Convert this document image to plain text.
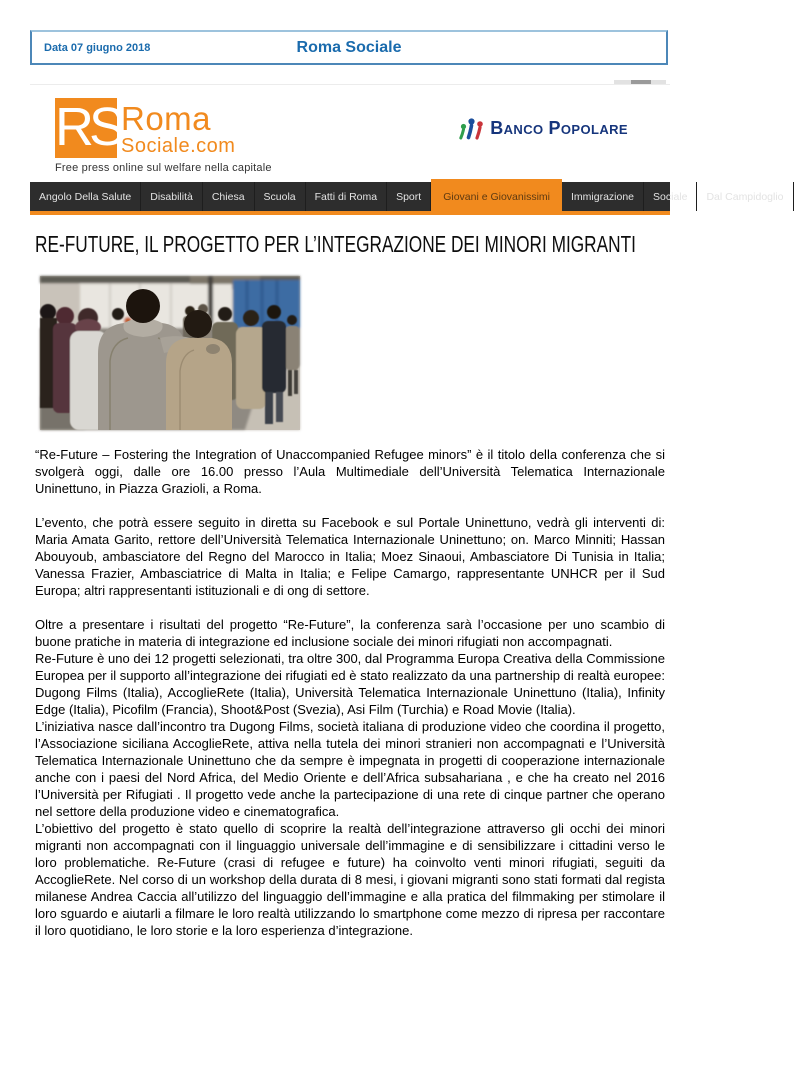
Data 07 giugno 2018	Roma Sociale
RS Roma
Sociale.com
Free press online sul welfare nella capitale
Banco Popolare
Angolo Della Salute	Disabilità	Chiesa	Scuola	Fatti di Roma	Sport	Giovani e Giovanissimi	Immigrazione	Sociale	Dal Campidoglio
RE-FUTURE, IL PROGETTO PER L’INTEGRAZIONE DEI MINORI MIGRANTI

“Re-Future – Fostering the Integration of Unaccompanied Refugee minors” è il titolo della conferenza che si svolgerà oggi, dalle ore 16.00 presso l’Aula Multimediale dell’Università Telematica Internazionale Uninettuno, in Piazza Grazioli, a Roma.

L’evento, che potrà essere seguito in diretta su Facebook e sul Portale Uninettuno, vedrà gli interventi di: Maria Amata Garito, rettore dell’Università Telematica Internazionale Uninettuno; on. Marco Minniti; Hassan Abouyoub, ambasciatore del Regno del Marocco in Italia; Moez Sinaoui, Ambasciatore Di Tunisia in Italia; Vanessa Frazier, Ambasciatrice di Malta in Italia; e Felipe Camargo, rappresentante UNHCR per il Sud Europa; altri rappresentanti istituzionali e di ong di settore.

Oltre a presentare i risultati del progetto “Re-Future”, la conferenza sarà l’occasione per uno scambio di buone pratiche in materia di integrazione ed inclusione sociale dei minori rifugiati non accompagnati.

Re-Future è uno dei 12 progetti selezionati, tra oltre 300, dal Programma Europa Creativa della Commissione Europea per il supporto all’integrazione dei rifugiati ed è stato realizzato da una partnership di realtà europee: Dugong Films (Italia), AccoglieRete (Italia), Università Telematica Internazionale Uninettuno (Italia), Infinity Edge (Italia), Picofilm (Francia), Shoot&Post (Svezia), Asi Film (Turchia) e Road Movie (Italia).

L’iniziativa nasce dall’incontro tra Dugong Films, società italiana di produzione video che coordina il progetto, l’Associazione siciliana AccoglieRete, attiva nella tutela dei minori stranieri non accompagnati e l’Università Telematica Internazionale Uninettuno che da sempre è impegnata in progetti di cooperazione internazionale anche con i paesi del Nord Africa, del Medio Oriente e dell’Africa subsahariana , e che ha creato nel 2016 l’Università per Rifugiati . Il progetto vede anche la partecipazione di una rete di cinque partner che operano nel settore della produzione video e cinematografica.

L’obiettivo del progetto è stato quello di scoprire la realtà dell’integrazione attraverso gli occhi dei minori migranti non accompagnati con il linguaggio universale dell’immagine e di sensibilizzare i cittadini verso le loro problematiche. Re-Future (crasi di refugee e future) ha coinvolto venti minori rifugiati, seguiti da AccoglieRete. Nel corso di un workshop della durata di 8 mesi, i giovani migranti sono stati formati dal regista milanese Andrea Caccia all’utilizzo del linguaggio dell’immagine e alla pratica del filmmaking per stimolare il loro sguardo e aiutarli a filmare le loro realtà utilizzando lo smartphone come mezzo di ripresa per raccontare il loro quotidiano, le loro storie e la loro esperienza d’integrazione.
